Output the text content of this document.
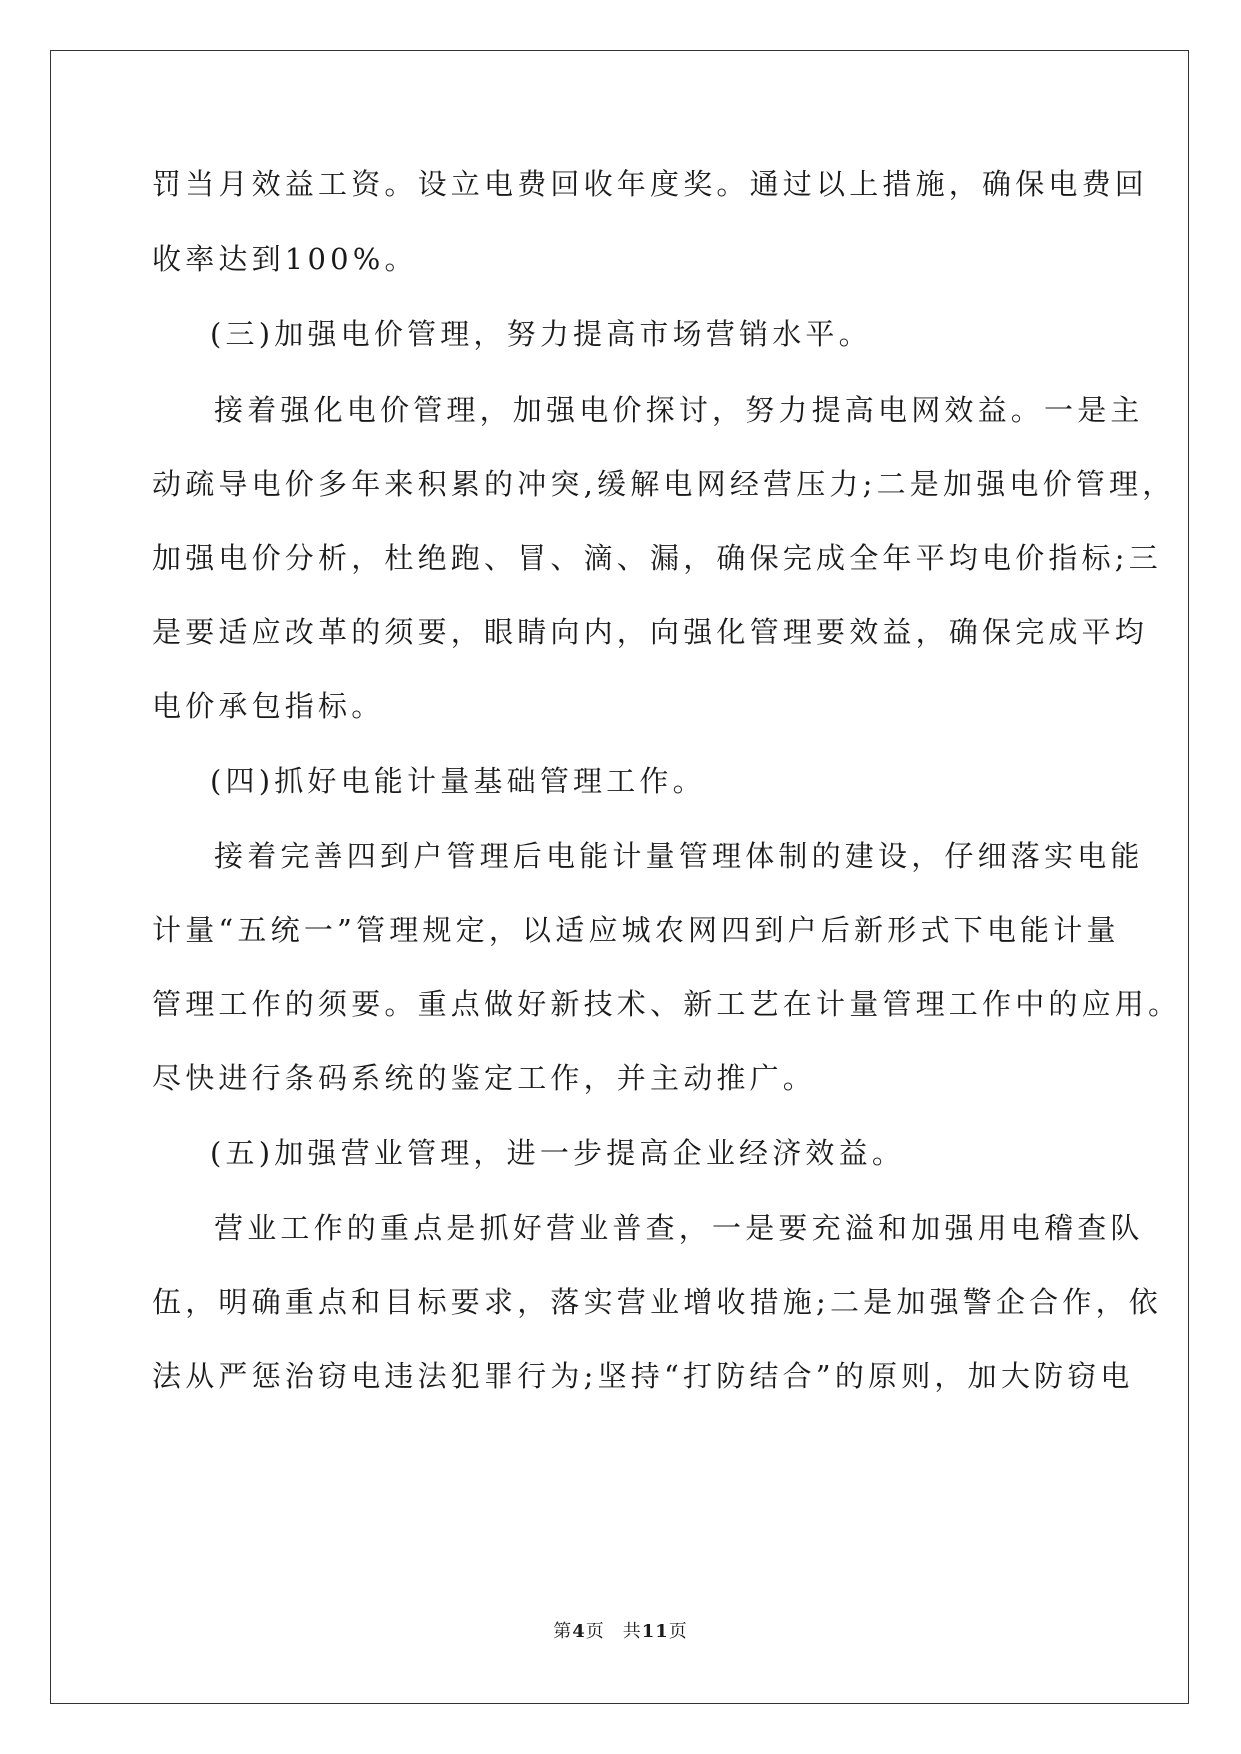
罚当月效益工资。设立电费回收年度奖。通过以上措施，确保电费回
收率达到100%。
(三)加强电价管理，努力提高市场营销水平。
接着强化电价管理，加强电价探讨，努力提高电网效益。一是主
动疏导电价多年来积累的冲突,缓解电网经营压力;二是加强电价管理，
加强电价分析，杜绝跑、冒、滴、漏，确保完成全年平均电价指标;三
是要适应改革的须要，眼睛向内，向强化管理要效益，确保完成平均
电价承包指标。
(四)抓好电能计量基础管理工作。
接着完善四到户管理后电能计量管理体制的建设，仔细落实电能
计量“五统一”管理规定，以适应城农网四到户后新形式下电能计量
管理工作的须要。重点做好新技术、新工艺在计量管理工作中的应用。
尽快进行条码系统的鉴定工作，并主动推广。
(五)加强营业管理，进一步提高企业经济效益。
营业工作的重点是抓好营业普查，一是要充溢和加强用电稽查队
伍，明确重点和目标要求，落实营业增收措施;二是加强警企合作，依
法从严惩治窃电违法犯罪行为;坚持“打防结合”的原则，加大防窃电
第4页 共11页
